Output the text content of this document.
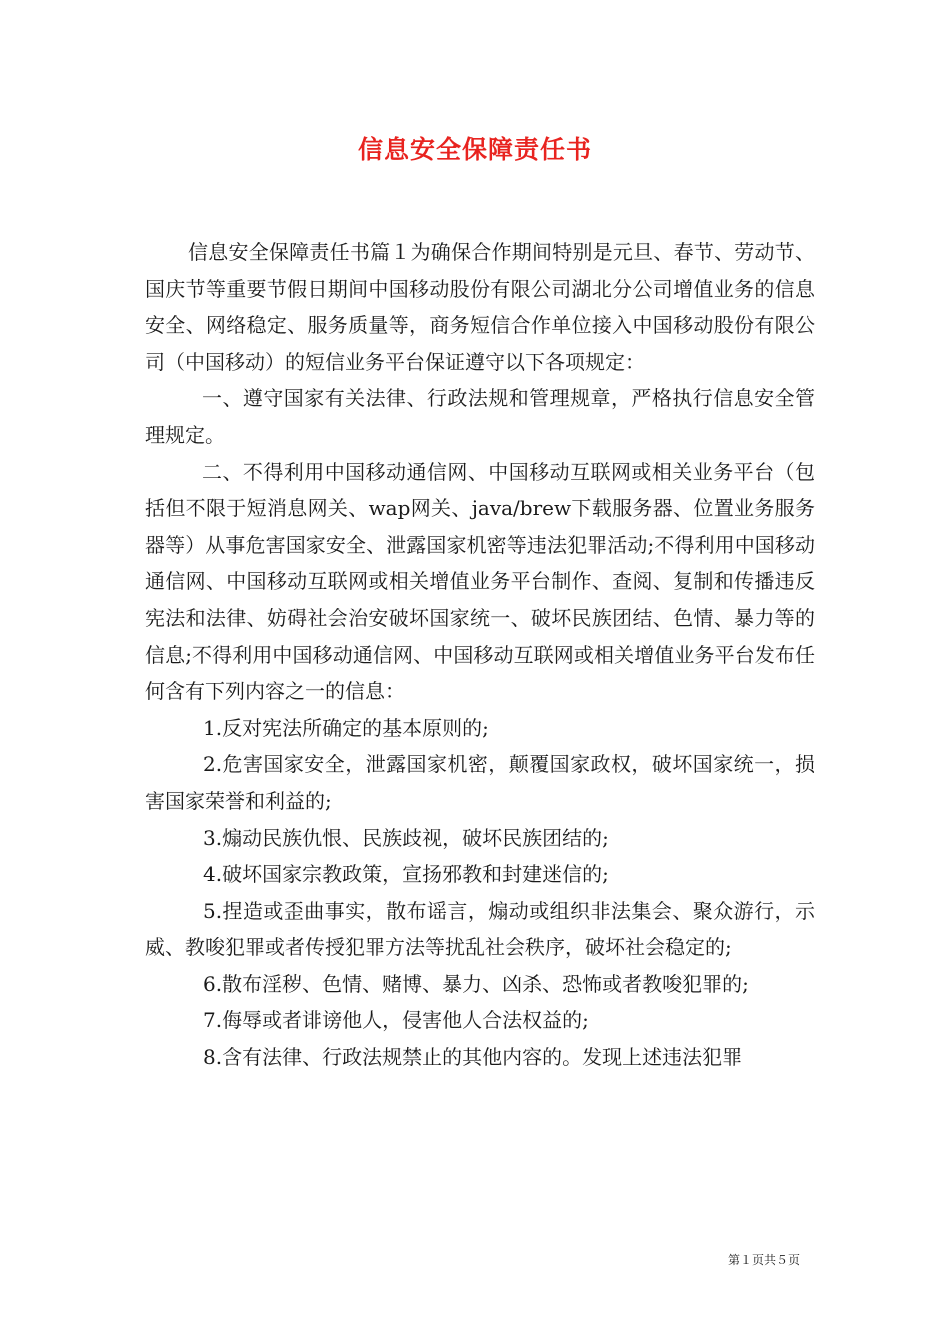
信息安全保障责任书

信息安全保障责任书篇１为确保合作期间特别是元旦、春节、劳动节、国庆节等重要节假日期间中国移动股份有限公司湖北分公司增值业务的信息安全、网络稳定、服务质量等，商务短信合作单位接入中国移动股份有限公司（中国移动）的短信业务平台保证遵守以下各项规定：

一、遵守国家有关法律、行政法规和管理规章，严格执行信息安全管理规定。

二、不得利用中国移动通信网、中国移动互联网或相关业务平台（包括但不限于短消息网关、wap网关、java/brew下载服务器、位置业务服务器等）从事危害国家安全、泄露国家机密等违法犯罪活动;不得利用中国移动通信网、中国移动互联网或相关增值业务平台制作、查阅、复制和传播违反宪法和法律、妨碍社会治安破坏国家统一、破坏民族团结、色情、暴力等的信息;不得利用中国移动通信网、中国移动互联网或相关增值业务平台发布任何含有下列内容之一的信息：

1.反对宪法所确定的基本原则的;

2.危害国家安全，泄露国家机密，颠覆国家政权，破坏国家统一，损害国家荣誉和利益的;

3.煽动民族仇恨、民族歧视，破坏民族团结的;

4.破坏国家宗教政策，宣扬邪教和封建迷信的;

5.捏造或歪曲事实，散布谣言，煽动或组织非法集会、聚众游行，示威、教唆犯罪或者传授犯罪方法等扰乱社会秩序，破坏社会稳定的;

6.散布淫秽、色情、赌博、暴力、凶杀、恐怖或者教唆犯罪的;

7.侮辱或者诽谤他人，侵害他人合法权益的;

8.含有法律、行政法规禁止的其他内容的。发现上述违法犯罪

第１页共５页
